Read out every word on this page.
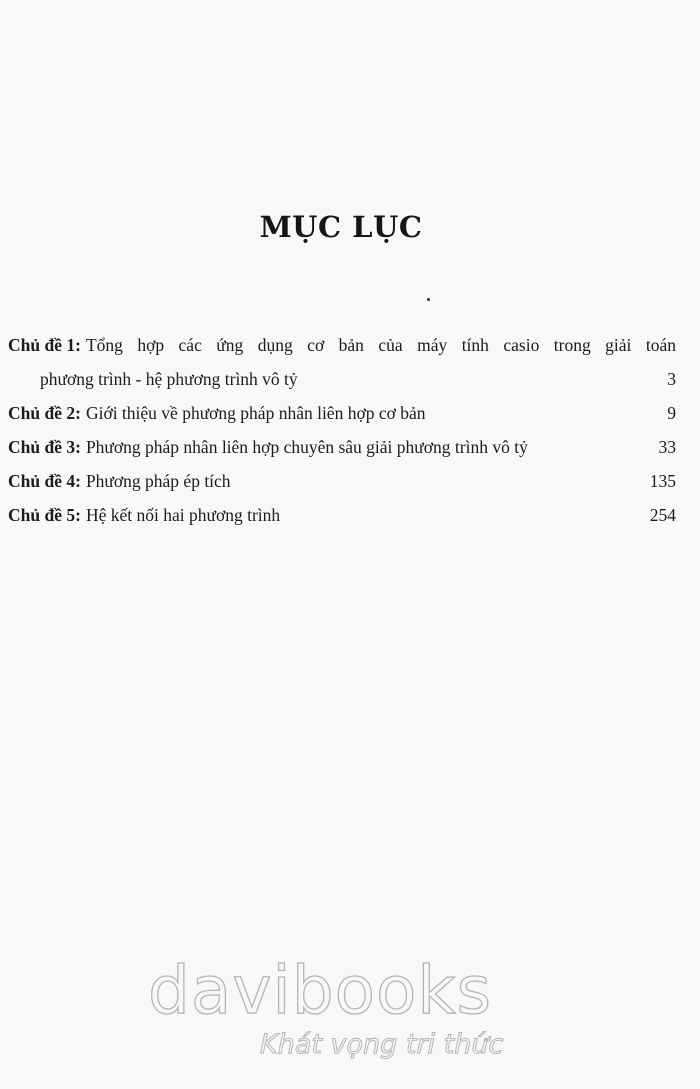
MỤC LỤC
Chủ đề 1: Tổng hợp các ứng dụng cơ bản của máy tính casio trong giải toán
phương trình - hệ phương trình vô tỷ .....	3
Chủ đề 2: Giới thiệu về phương pháp nhân liên hợp cơ bản .....	9
Chủ đề 3: Phương pháp nhân liên hợp chuyên sâu giải phương trình vô tỷ .....	33
Chủ đề 4: Phương pháp ép tích .....	135
Chủ đề 5: Hệ kết nối hai phương trình .....	254
davibooks
Khát vọng tri thức
